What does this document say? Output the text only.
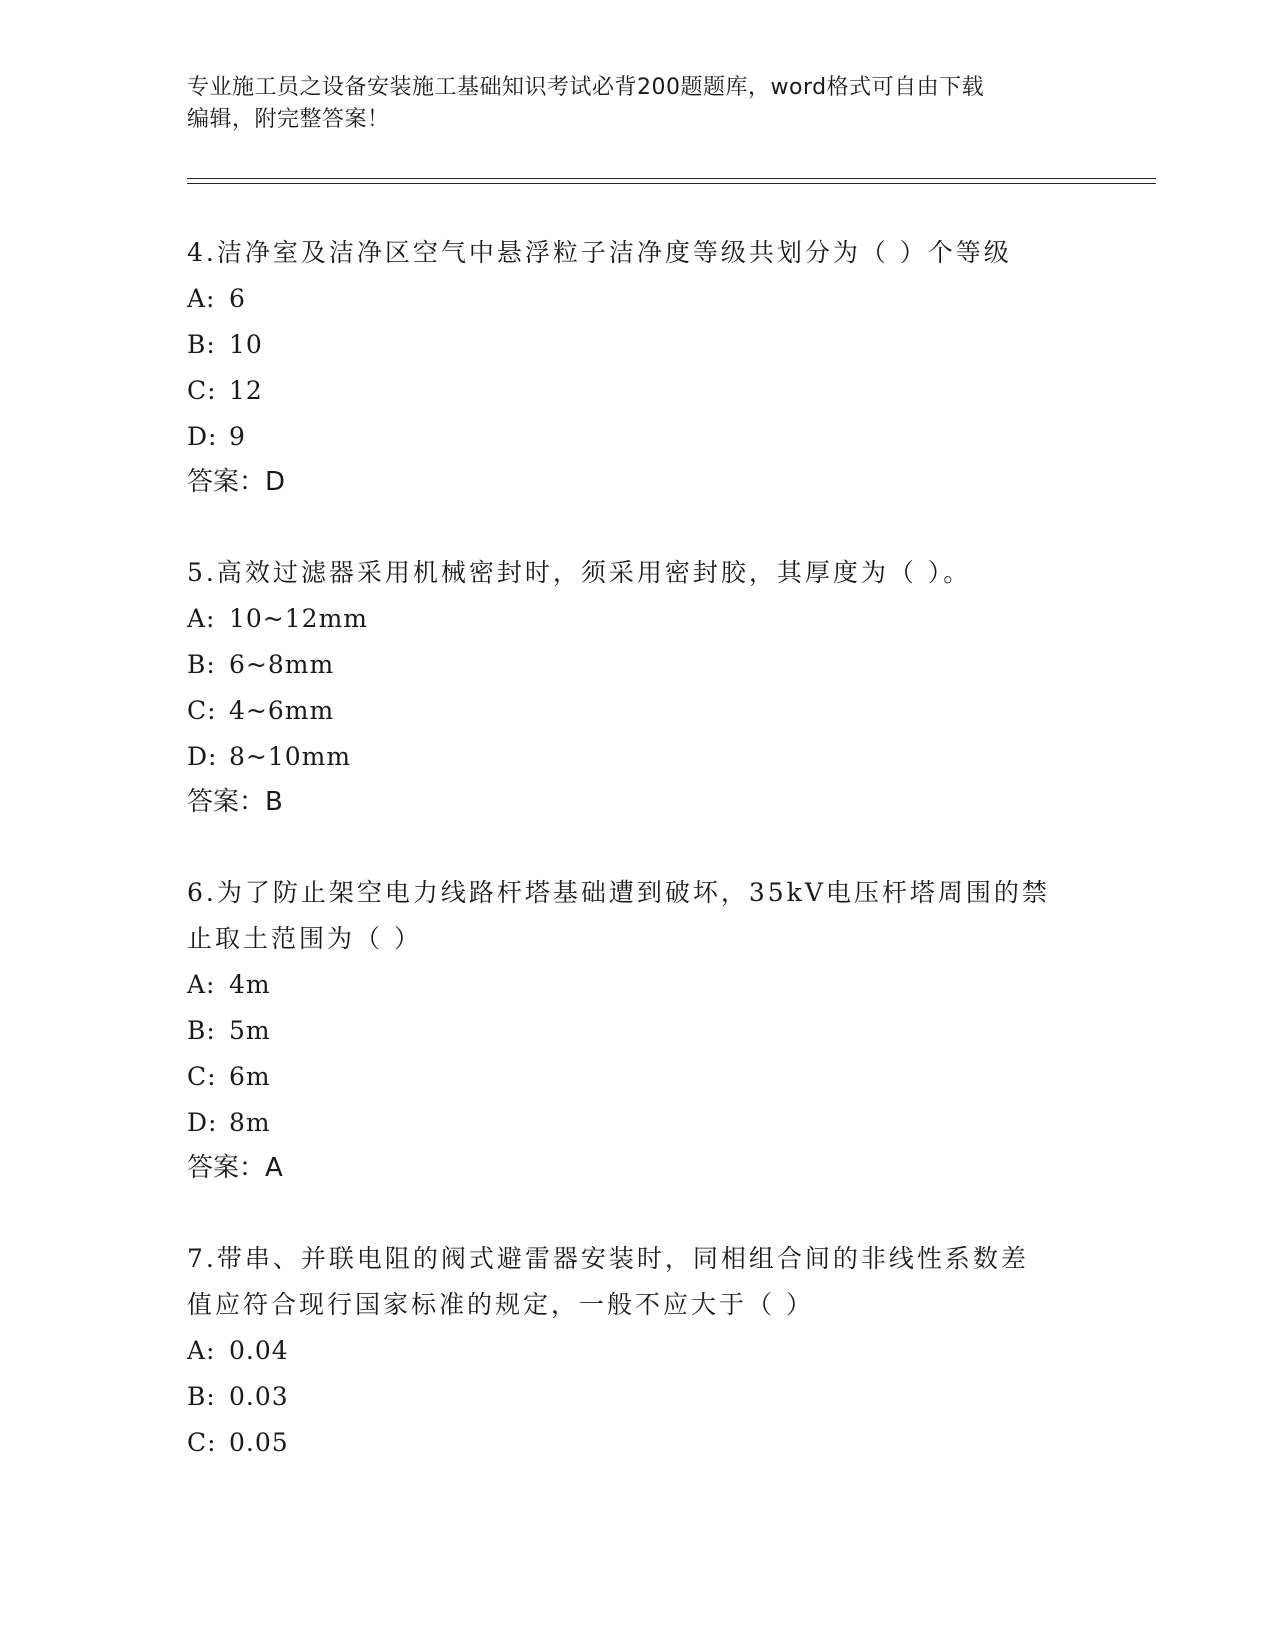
专业施工员之设备安装施工基础知识考试必背200题题库，word格式可自由下载
编辑，附完整答案！

4.洁净室及洁净区空气中悬浮粒子洁净度等级共划分为（ ）个等级

A: 6

B: 10

C: 12

D: 9

答案：D

5.高效过滤器采用机械密封时，须采用密封胶，其厚度为（ ）。

A: 10~12mm

B: 6~8mm

C: 4~6mm

D: 8~10mm

答案：B

6.为了防止架空电力线路杆塔基础遭到破坏，35kV电压杆塔周围的禁

止取土范围为（ ）

A: 4m

B: 5m

C: 6m

D: 8m

答案：A

7.带串、并联电阻的阀式避雷器安装时，同相组合间的非线性系数差

值应符合现行国家标准的规定，一般不应大于（ ）

A: 0.04

B: 0.03

C: 0.05
